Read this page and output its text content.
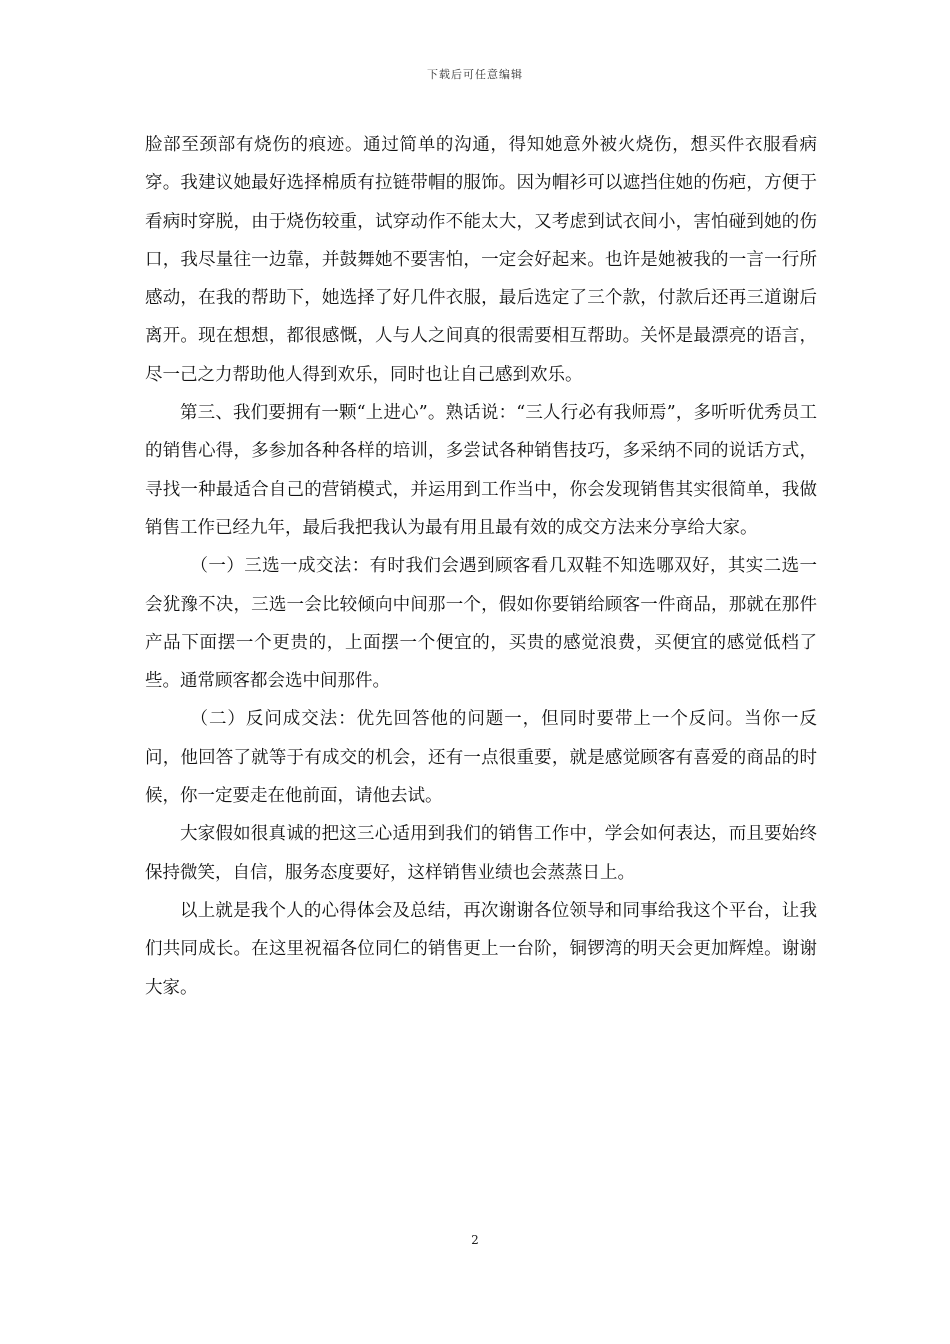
下载后可任意编辑

脸部至颈部有烧伤的痕迹。通过简单的沟通，得知她意外被火烧伤，想买件衣服看病穿。我建议她最好选择棉质有拉链带帽的服饰。因为帽衫可以遮挡住她的伤疤，方便于看病时穿脱，由于烧伤较重，试穿动作不能太大，又考虑到试衣间小，害怕碰到她的伤口，我尽量往一边靠，并鼓舞她不要害怕，一定会好起来。也许是她被我的一言一行所感动，在我的帮助下，她选择了好几件衣服，最后选定了三个款，付款后还再三道谢后离开。现在想想，都很感慨，人与人之间真的很需要相互帮助。关怀是最漂亮的语言，尽一己之力帮助他人得到欢乐，同时也让自己感到欢乐。

第三、我们要拥有一颗“上进心”。熟话说：“三人行必有我师焉”，多听听优秀员工的销售心得，多参加各种各样的培训，多尝试各种销售技巧，多采纳不同的说话方式，寻找一种最适合自己的营销模式，并运用到工作当中，你会发现销售其实很简单，我做销售工作已经九年，最后我把我认为最有用且最有效的成交方法来分享给大家。

（一）三选一成交法：有时我们会遇到顾客看几双鞋不知选哪双好，其实二选一会犹豫不决，三选一会比较倾向中间那一个，假如你要销给顾客一件商品，那就在那件产品下面摆一个更贵的，上面摆一个便宜的，买贵的感觉浪费，买便宜的感觉低档了些。通常顾客都会选中间那件。

（二）反问成交法：优先回答他的问题一，但同时要带上一个反问。当你一反问，他回答了就等于有成交的机会，还有一点很重要，就是感觉顾客有喜爱的商品的时候，你一定要走在他前面，请他去试。

大家假如很真诚的把这三心适用到我们的销售工作中，学会如何表达，而且要始终保持微笑，自信，服务态度要好，这样销售业绩也会蒸蒸日上。

以上就是我个人的心得体会及总结，再次谢谢各位领导和同事给我这个平台，让我们共同成长。在这里祝福各位同仁的销售更上一台阶，铜锣湾的明天会更加辉煌。谢谢大家。

2
